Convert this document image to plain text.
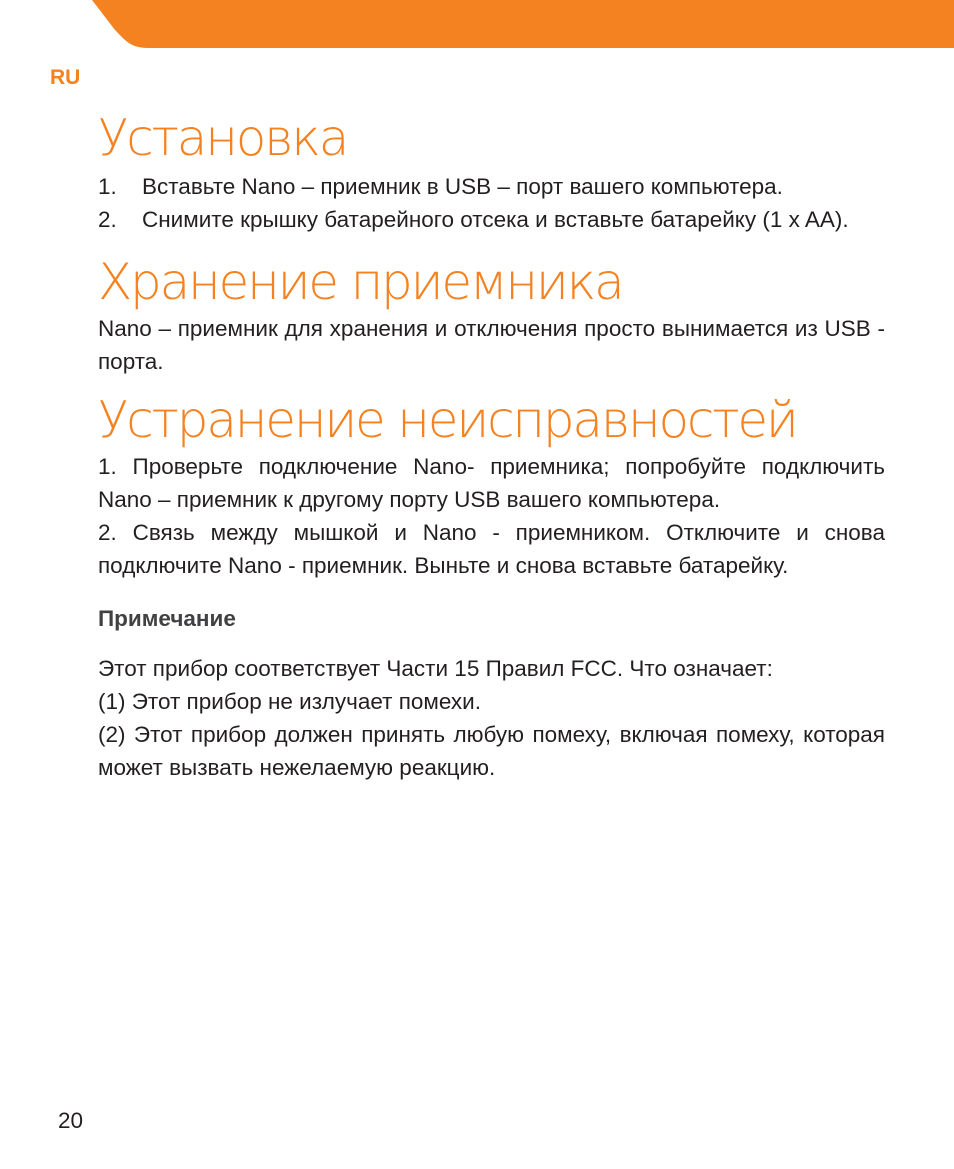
RU
Установка
1.	Вставьте Nano – приемник в USB – порт вашего компьютера.
2.	Снимите крышку батарейного отсека и вставьте батарейку (1 x AA).
Хранение приемника

Nano – приемник для хранения и отключения просто вынимается из USB - порта.

Устранение неисправностей

1. Проверьте подключение Nano- приемника; попробуйте подключить Nano – приемник к другому порту USB вашего компьютера.

2. Связь между мышкой и Nano - приемником. Отключите и снова подключите Nano - приемник. Выньте и снова вставьте батарейку.

Примечание

Этот прибор соответствует Части 15 Правил FCC. Что означает:

(1) Этот прибор не излучает помехи.

(2) Этот прибор должен принять любую помеху, включая помеху, которая может вызвать нежелаемую реакцию.

20
